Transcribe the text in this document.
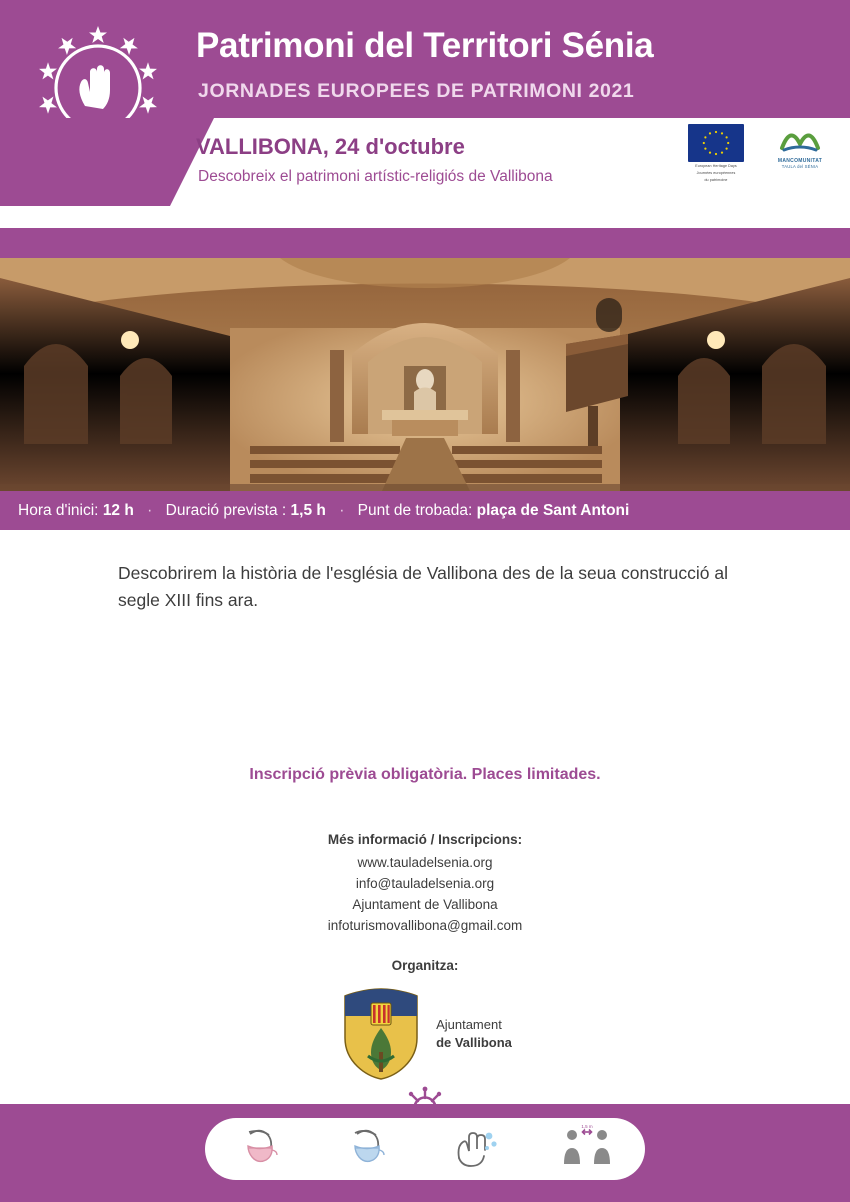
Patrimoni del Territori Sénia
JORNADES EUROPEES DE PATRIMONI 2021
VALLIBONA, 24 d'octubre
Descobreix el patrimoni artístic-religiós de Vallibona
European Heritage Days
Journées européennes
du patrimoine
MANCOMUNITAT
TAULA del SÉNIA
Hora d'inici: 12 h · Duració prevista : 1,5 h · Punt de trobada: plaça de Sant Antoni
Descobrirem la història de l'església de Vallibona des de la seua construcció al segle XIII fins ara.
Inscripció prèvia obligatòria. Places limitades.
Més informació / Inscripcions:
www.tauladelsenia.org
info@tauladelsenia.org
Ajuntament de Vallibona
infoturismovallibona@gmail.com
Organitza:
Ajuntament
de Vallibona
1,5 m
